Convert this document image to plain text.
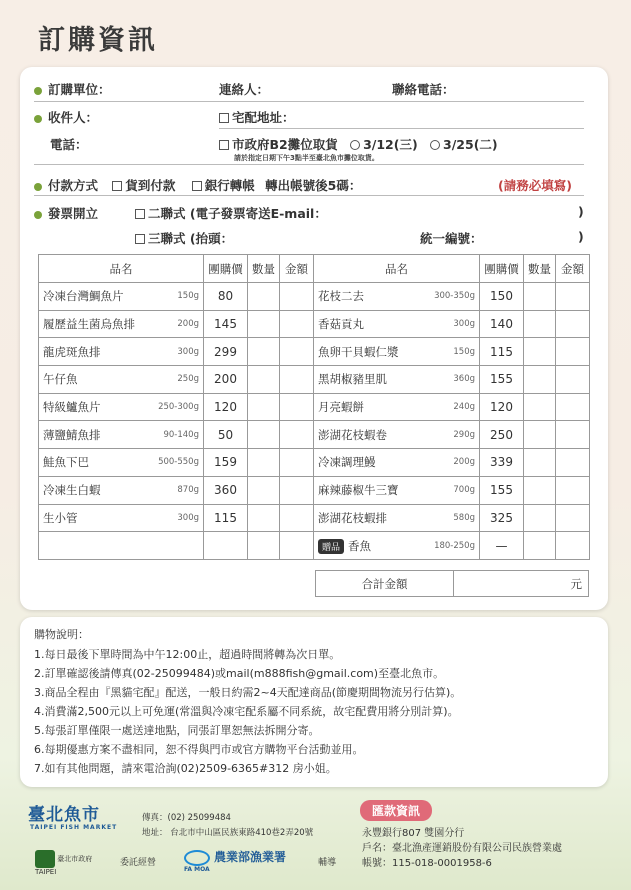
訂購資訊
訂購單位：	連絡人：	聯絡電話：
收件人：	宅配地址：
電話：	市政府B2攤位取貨 3/12(三) 3/25(二)
請於指定日期下午3點半至臺北魚市攤位取貨。
付款方式 貨到付款 銀行轉帳 轉出帳號後5碼：	(請務必填寫)
發票開立	二聯式 (電子發票寄送E-mail：	)
三聯式 (抬頭：	統一編號：	)
品名	團購價	數量	金額	品名	團購價	數量	金額

冷凍台灣鯛魚片 150g	80			花枝二去 300-350g	150		

履歷益生菌烏魚排 200g	145			香菇貢丸 300g	140		

龍虎斑魚排 300g	299			魚卵干貝蝦仁漿 150g	115		

午仔魚 250g	200			黑胡椒豬里肌 360g	155		

特級鱸魚片 250-300g	120			月亮蝦餅 240g	120		

薄鹽鯖魚排 90-140g	50			澎湖花枝蝦卷 290g	250		

鮭魚下巴 500-550g	159			冷凍調理鰻 200g	339		

冷凍生白蝦 870g	360			麻辣藤椒牛三寶 700g	155		

生小管 300g	115			澎湖花枝蝦排 580g	325		

				贈品 香魚 180-250g	—		
合計金額	元
購物說明：
1.每日最後下單時間為中午12:00止，超過時間將轉為次日單。
2.訂單確認後請傳真(02-25099484)或mail(m888fish@gmail.com)至臺北魚市。
3.商品全程由『黑貓宅配』配送，一般日約需2~4天配達商品(節慶期間物流另行估算)。
4.消費滿2,500元以上可免運(常溫與冷凍宅配系屬不同系統，故宅配費用將分別計算)。
5.每張訂單僅限一處送達地點，同張訂單恕無法拆開分寄。
6.每期優惠方案不盡相同，恕不得與門市或官方購物平台活動並用。
7.如有其他問題，請來電洽詢(02)2509-6365#312 房小姐。
臺北魚市
TAIPEI FISH MARKET
傳真：(02) 25099484
地址： 台北市中山區民族東路410巷2弄20號
臺北市政府
TAIPEI
委託經營	農業部漁業署
FA MOA
輔導
匯款資訊
永豐銀行807 雙園分行
戶名：臺北漁產運銷股份有限公司民族營業處
帳號：115-018-0001958-6
